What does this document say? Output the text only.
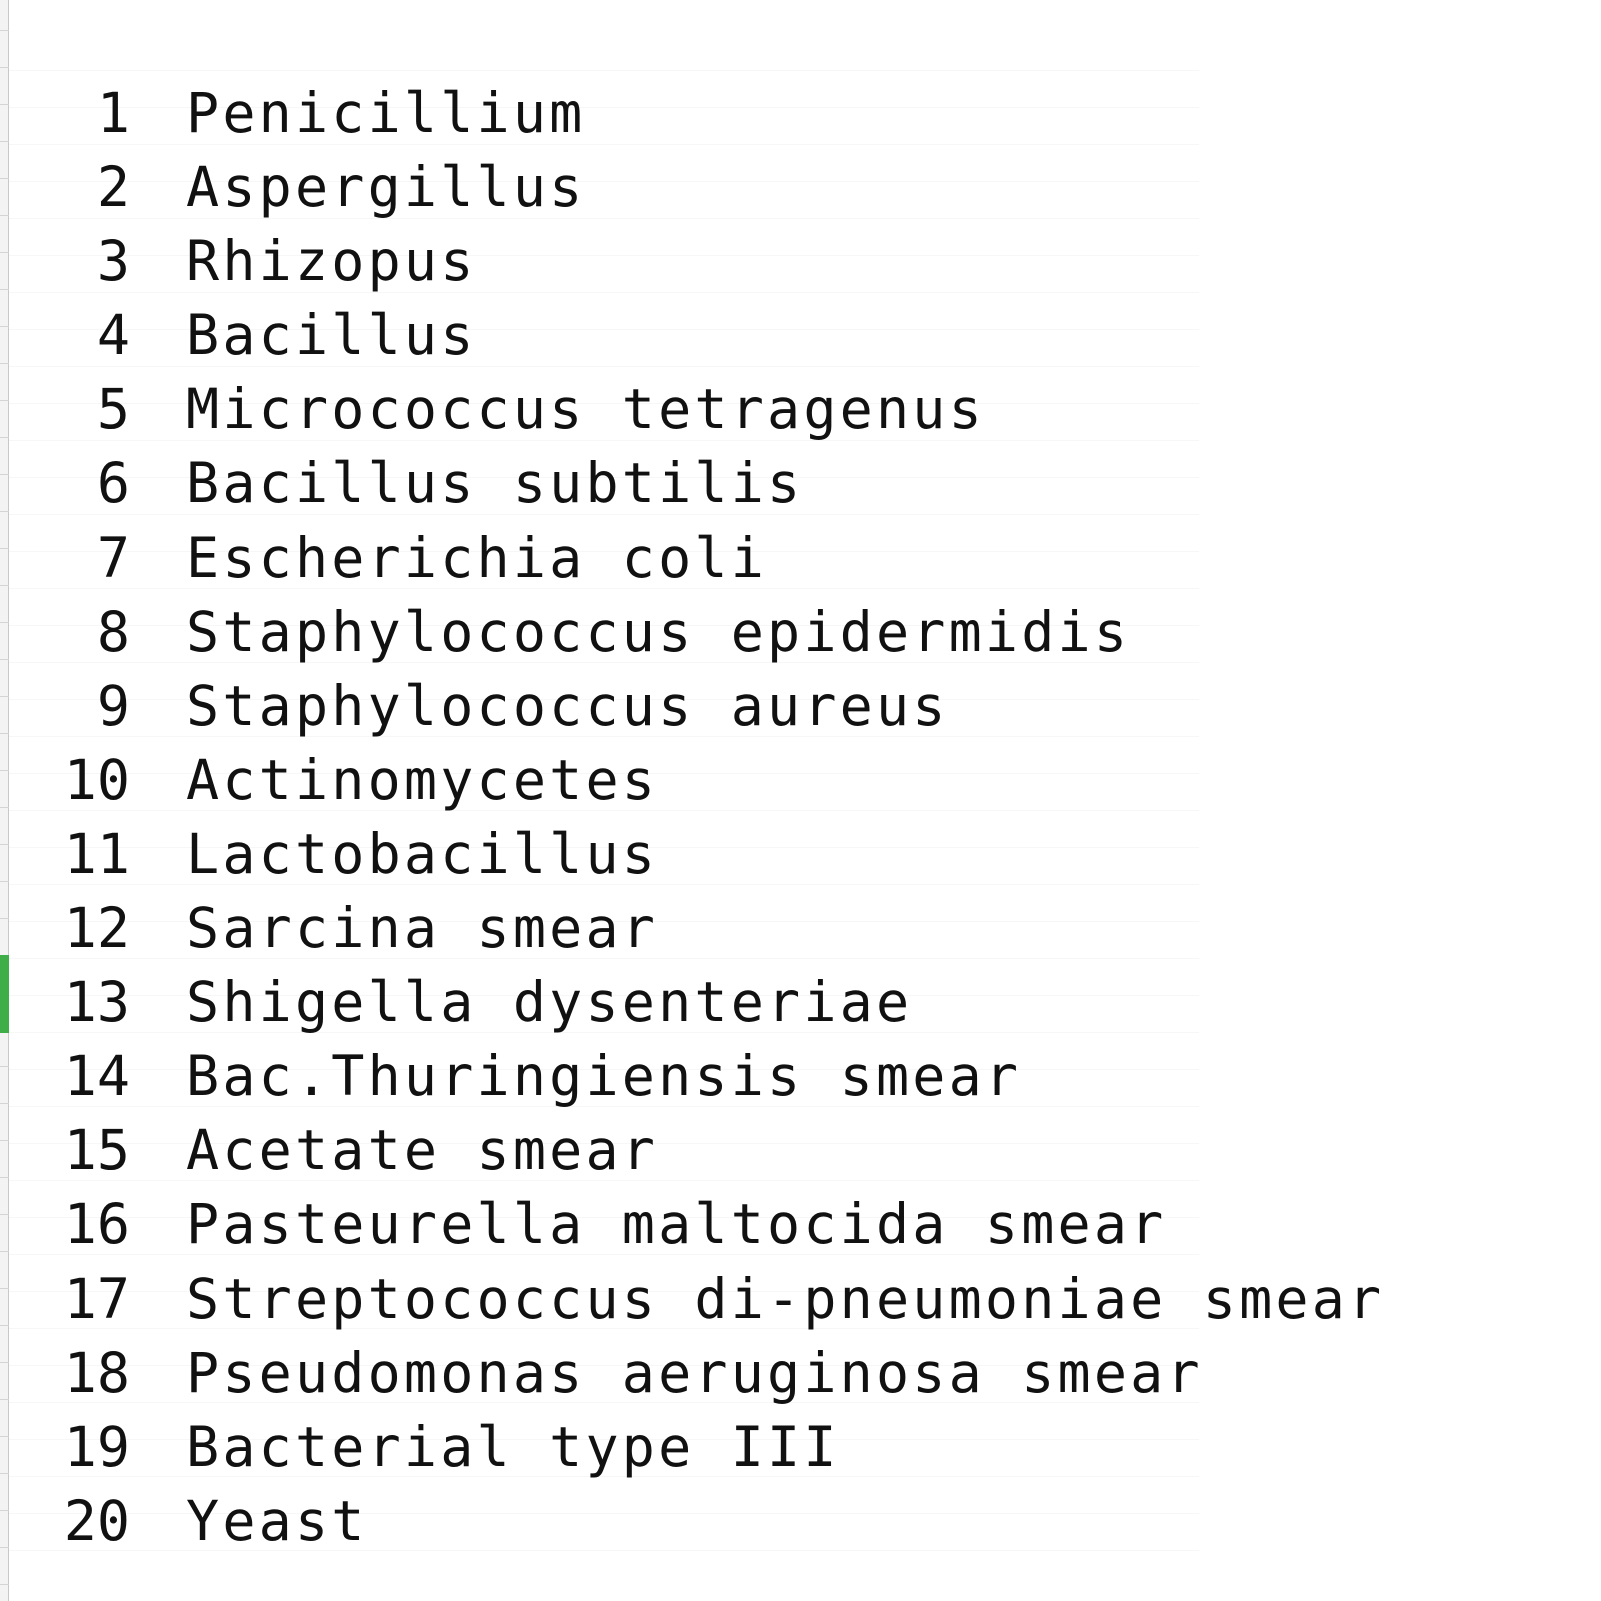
1 Penicillium
2 Aspergillus
3 Rhizopus
4 Bacillus
5 Micrococcus tetragenus
6 Bacillus subtilis
7 Escherichia coli
8 Staphylococcus epidermidis
9 Staphylococcus aureus
10 Actinomycetes
11 Lactobacillus
12 Sarcina smear
13 Shigella dysenteriae
14 Bac.Thuringiensis smear
15 Acetate smear
16 Pasteurella maltocida smear
17 Streptococcus di-pneumoniae smear
18 Pseudomonas aeruginosa smear
19 Bacterial type III
20 Yeast
